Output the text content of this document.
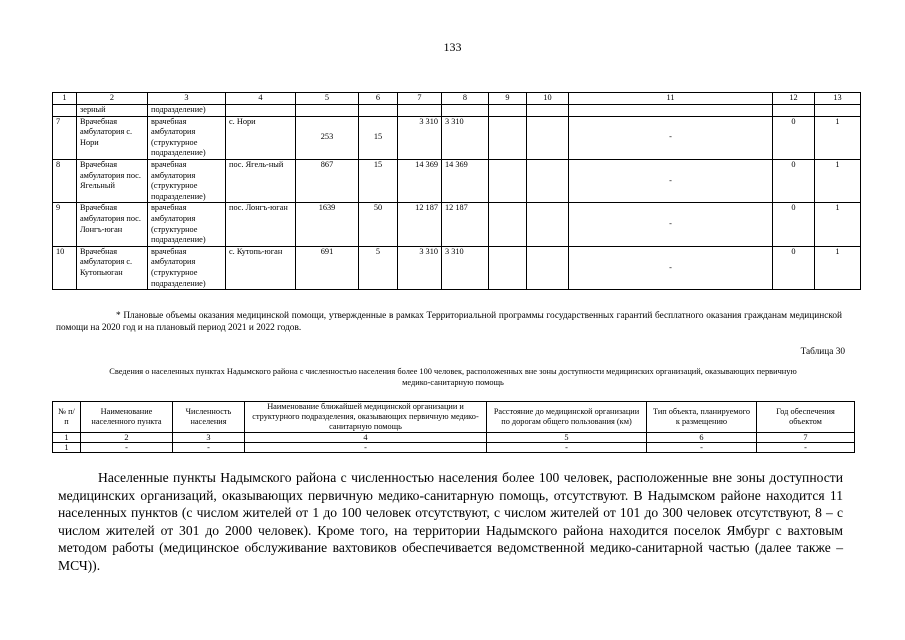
133
1	2	3	4	5	6	7	8	9	10	11	12	13
	зерный	подразделение)										
7	Врачебная амбулатория с. Нори	врачебная амбулатория (структурное подразделение)	с. Нори	253	15	3 310	3 310			-	0	1
8	Врачебная амбулатория пос. Ягельный	врачебная амбулатория (структурное подразделение)	пос. Ягель-ный	867	15	14 369	14 369			-	0	1
9	Врачебная амбулатория пос. Лонгъ-юган	врачебная амбулатория (структурное подразделение)	пос. Лонгъ-юган	1639	50	12 187	12 187			-	0	1
10	Врачебная амбулатория с. Кутопьюган	врачебная амбулатория (структурное подразделение)	с. Кутопь-юган	691	5	3 310	3 310			-	0	1
* Плановые объемы оказания медицинской помощи, утвержденные в рамках Территориальной программы государственных гарантий бесплатного оказания гражданам медицинской помощи на 2020 год и на плановый период 2021 и 2022 годов.
Таблица 30
Сведения о населенных пунктах Надымского района с численностью населения более 100 человек, расположенных вне зоны доступности медицинских организаций, оказывающих первичную медико-санитарную помощь
№ п/п	Наименование населенного пункта	Численность населения	Наименование ближайшей медицинской организации и структурного подразделения, оказывающих первичную медико-санитарную помощь	Расстояние до медицинской организации по дорогам общего пользования (км)	Тип объекта, планируемого к размещению	Год обеспечения объектом
1	2	3	4	5	6	7
1	-	-	-	-	-	-
Населенные пункты Надымского района с численностью населения более 100 человек, расположенные вне зоны доступности медицинских организаций, оказывающих первичную медико-санитарную помощь, отсутствуют. В Надымском районе находится 11 населенных пунктов (с числом жителей от 1 до 100 человек отсутствуют, с числом жителей от 101 до 300 человек отсутствуют, 8 – с числом жителей от 301 до 2000 человек). Кроме того, на территории Надымского района находится поселок Ямбург с вахтовым методом работы (медицинское обслуживание вахтовиков обеспечивается ведомственной медико-санитарной частью (далее также – МСЧ)).
